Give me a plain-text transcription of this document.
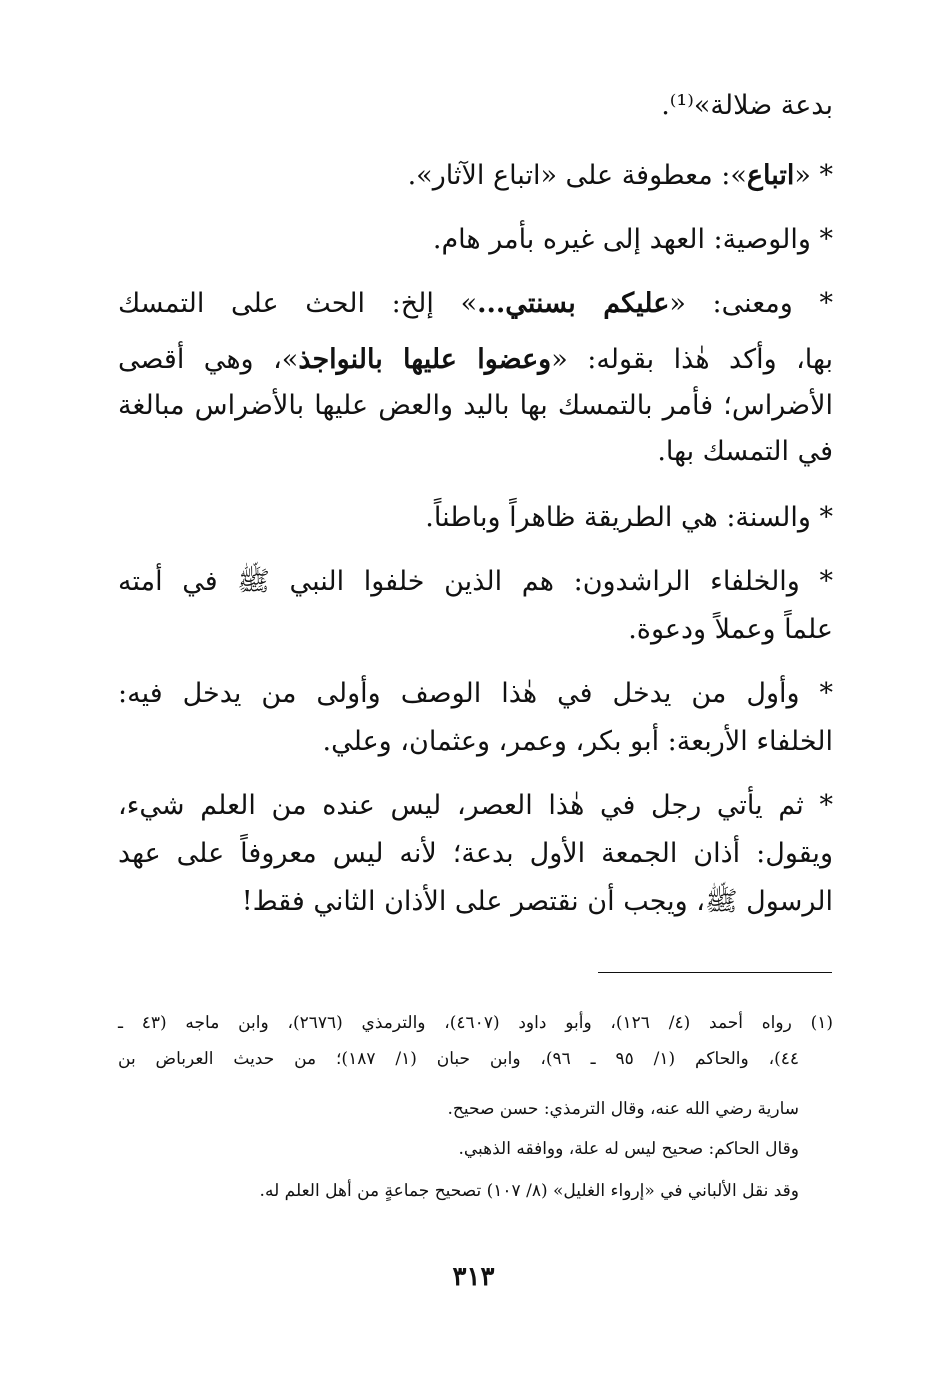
بدعة ضلالة»⁽¹⁾.
* «اتباع»: معطوفة على «اتباع الآثار».
* والوصية: العهد إلى غيره بأمر هام.
* ومعنى: «عليكم بسنتي...» إلخ: الحث على التمسك
بها، وأكد هٰذا بقوله: «وعضوا عليها بالنواجذ»، وهي أقصى
الأضراس؛ فأمر بالتمسك بها باليد والعض عليها بالأضراس مبالغة
في التمسك بها.
* والسنة: هي الطريقة ظاهراً وباطناً.
* والخلفاء الراشدون: هم الذين خلفوا النبي ﷺ في أمته
علماً وعملاً ودعوة.
* وأول من يدخل في هٰذا الوصف وأولى من يدخل فيه:
الخلفاء الأربعة: أبو بكر، وعمر، وعثمان، وعلي.
* ثم يأتي رجل في هٰذا العصر، ليس عنده من العلم شيء،
ويقول: أذان الجمعة الأول بدعة؛ لأنه ليس معروفاً على عهد
الرسول ﷺ، ويجب أن نقتصر على الأذان الثاني فقط!
(١) رواه أحمد (٤/ ١٢٦)، وأبو داود (٤٦٠٧)، والترمذي (٢٦٧٦)، وابن ماجه (٤٣ ـ
٤٤)، والحاكم (١/ ٩٥ ـ ٩٦)، وابن حبان (١/ ١٨٧)؛ من حديث العرباض بن
سارية رضي الله عنه، وقال الترمذي: حسن صحيح.
وقال الحاكم: صحيح ليس له علة، ووافقه الذهبي.
وقد نقل الألباني في «إرواء الغليل» (٨/ ١٠٧) تصحيح جماعةٍ من أهل العلم له.
٣١٣
